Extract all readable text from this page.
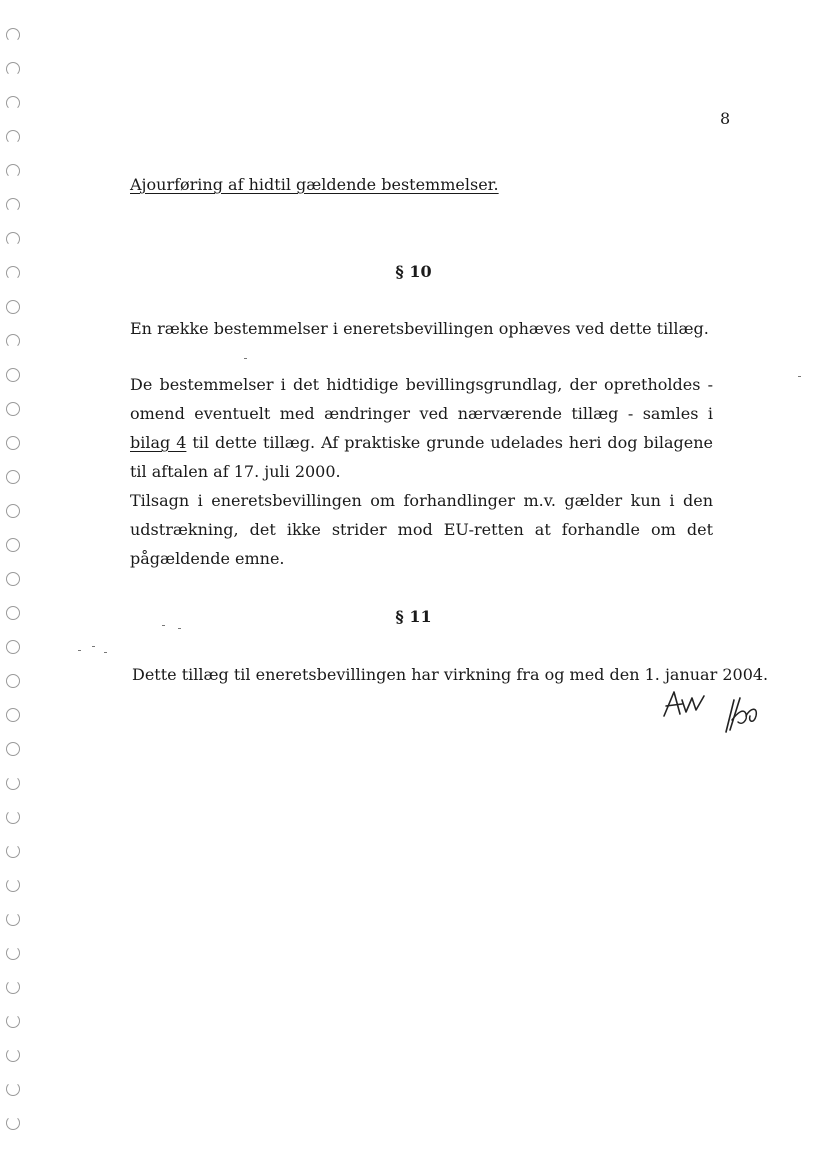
8
Ajourføring af hidtil gældende bestemmelser.
§ 10
En række bestemmelser i eneretsbevillingen ophæves ved dette tillæg.
De bestemmelser i det hidtidige bevillingsgrundlag, der opretholdes - omend eventuelt med ændringer ved nærværende tillæg - samles i bilag 4 til dette tillæg. Af praktiske grunde udelades heri dog bilagene til aftalen af 17. juli 2000.
Tilsagn i eneretsbevillingen om forhandlinger m.v. gælder kun i den udstrækning, det ikke strider mod EU-retten at forhandle om det pågældende emne.
§ 11
Dette tillæg til eneretsbevillingen har virkning fra og med den 1. januar 2004.
